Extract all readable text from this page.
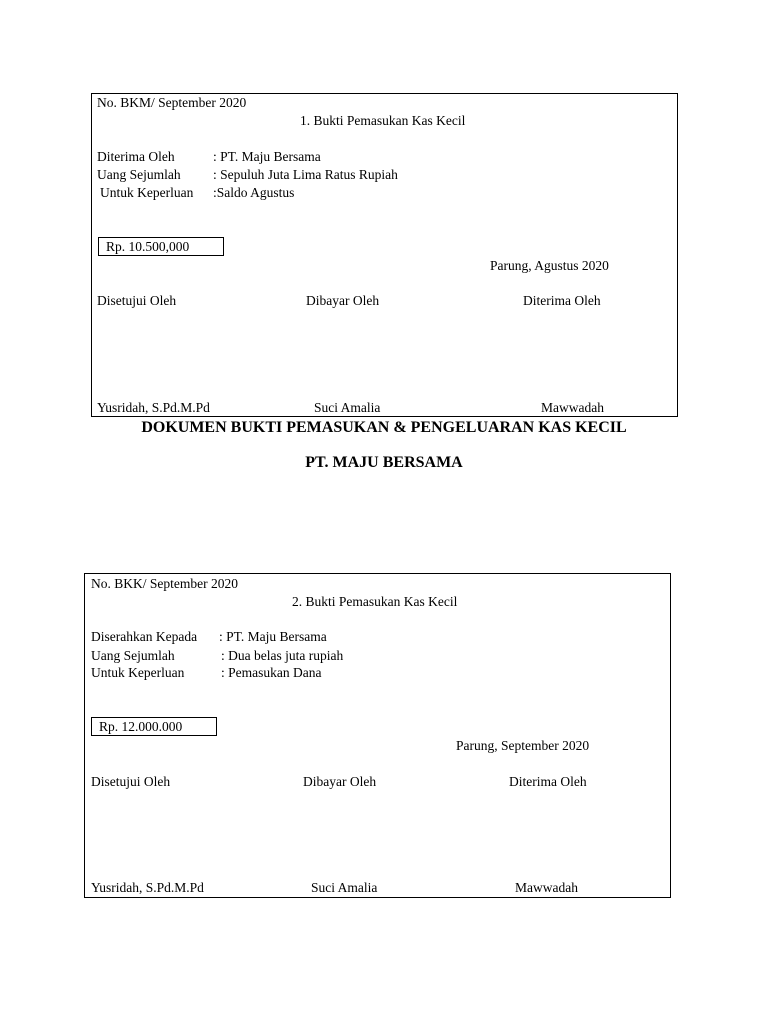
No. BKM/ September 2020
1. Bukti Pemasukan Kas Kecil
Diterima Oleh	: PT. Maju Bersama
Uang Sejumlah : Sepuluh Juta Lima Ratus Rupiah
Untuk Keperluan :Saldo Agustus
Rp. 10.500,000
Parung, Agustus 2020
Disetujui Oleh	Dibayar Oleh	Diterima Oleh
Yusridah, S.Pd.M.Pd	Suci Amalia	Mawwadah
DOKUMEN BUKTI PEMASUKAN & PENGELUARAN KAS KECIL
PT. MAJU BERSAMA
No. BKK/ September 2020
2. Bukti Pemasukan Kas Kecil
Diserahkan Kepada : PT. Maju Bersama
Uang Sejumlah	: Dua belas juta rupiah
Untuk Keperluan	: Pemasukan Dana
Rp. 12.000.000
Parung, September 2020
Disetujui Oleh	Dibayar Oleh	Diterima Oleh
Yusridah, S.Pd.M.Pd	Suci Amalia	Mawwadah
